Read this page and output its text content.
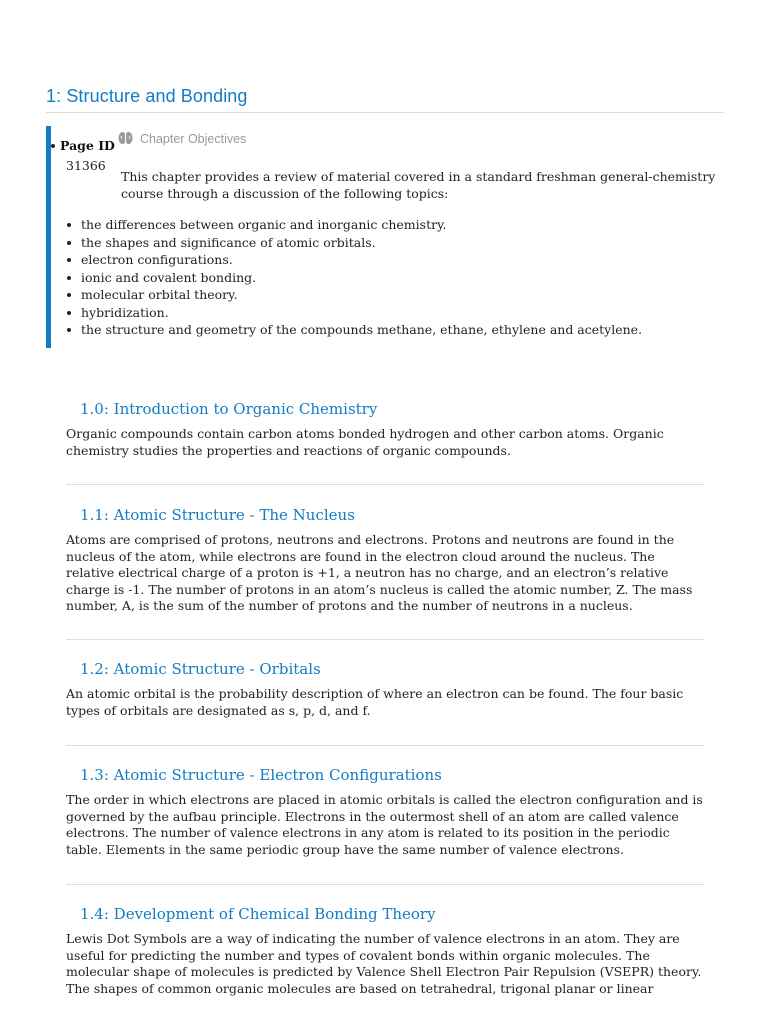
1: Structure and Bonding
Page ID
31366
Chapter Objectives

This chapter provides a review of material covered in a standard freshman general-chemistry course through a discussion of the following topics:

the differences between organic and inorganic chemistry.
the shapes and significance of atomic orbitals.
electron configurations.
ionic and covalent bonding.
molecular orbital theory.
hybridization.
the structure and geometry of the compounds methane, ethane, ethylene and acetylene.
1.0: Introduction to Organic Chemistry

Organic compounds contain carbon atoms bonded hydrogen and other carbon atoms. Organic chemistry studies the properties and reactions of organic compounds.

1.1: Atomic Structure - The Nucleus

Atoms are comprised of protons, neutrons and electrons. Protons and neutrons are found in the nucleus of the atom, while electrons are found in the electron cloud around the nucleus. The relative electrical charge of a proton is +1, a neutron has no charge, and an electron’s relative charge is -1. The number of protons in an atom’s nucleus is called the atomic number, Z. The mass number, A, is the sum of the number of protons and the number of neutrons in a nucleus.

1.2: Atomic Structure - Orbitals

An atomic orbital is the probability description of where an electron can be found. The four basic types of orbitals are designated as s, p, d, and f.

1.3: Atomic Structure - Electron Configurations

The order in which electrons are placed in atomic orbitals is called the electron configuration and is governed by the aufbau principle. Electrons in the outermost shell of an atom are called valence electrons. The number of valence electrons in any atom is related to its position in the periodic table. Elements in the same periodic group have the same number of valence electrons.

1.4: Development of Chemical Bonding Theory

Lewis Dot Symbols are a way of indicating the number of valence electrons in an atom. They are useful for predicting the number and types of covalent bonds within organic molecules. The molecular shape of molecules is predicted by Valence Shell Electron Pair Repulsion (VSEPR) theory. The shapes of common organic molecules are based on tetrahedral, trigonal planar or linear
